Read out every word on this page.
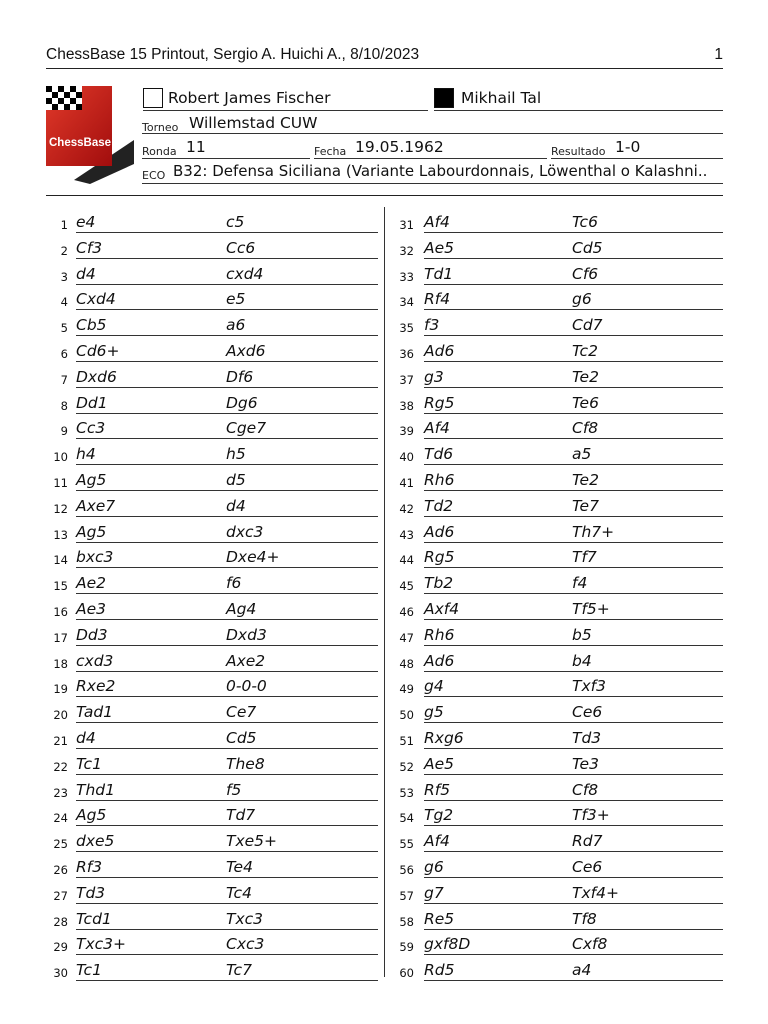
ChessBase 15 Printout, Sergio A. Huichi A., 8/10/2023	1
ChessBase
Robert James Fischer	Mikhail Tal
Torneo Willemstad CUW
Ronda 11	Fecha 19.05.1962	Resultado 1-0
ECO B32: Defensa Siciliana (Variante Labourdonnais, Löwenthal o Kalashni..
1 e4	c5
2 Cf3	Cc6
3 d4	cxd4
4 Cxd4	e5
5 Cb5	a6
6 Cd6+	Axd6
7 Dxd6	Df6
8 Dd1	Dg6
9 Cc3	Cge7
10 h4	h5
11 Ag5	d5
12 Axe7	d4
13 Ag5	dxc3
14 bxc3	Dxe4+
15 Ae2	f6
16 Ae3	Ag4
17 Dd3	Dxd3
18 cxd3	Axe2
19 Rxe2	0-0-0
20 Tad1	Ce7
21 d4	Cd5
22 Tc1	The8
23 Thd1	f5
24 Ag5	Td7
25 dxe5	Txe5+
26 Rf3	Te4
27 Td3	Tc4
28 Tcd1	Txc3
29 Txc3+	Cxc3
30 Tc1	Tc7
31 Af4	Tc6
32 Ae5	Cd5
33 Td1	Cf6
34 Rf4	g6
35 f3	Cd7
36 Ad6	Tc2
37 g3	Te2
38 Rg5	Te6
39 Af4	Cf8
40 Td6	a5
41 Rh6	Te2
42 Td2	Te7
43 Ad6	Th7+
44 Rg5	Tf7
45 Tb2	f4
46 Axf4	Tf5+
47 Rh6	b5
48 Ad6	b4
49 g4	Txf3
50 g5	Ce6
51 Rxg6	Td3
52 Ae5	Te3
53 Rf5	Cf8
54 Tg2	Tf3+
55 Af4	Rd7
56 g6	Ce6
57 g7	Txf4+
58 Re5	Tf8
59 gxf8D	Cxf8
60 Rd5	a4
